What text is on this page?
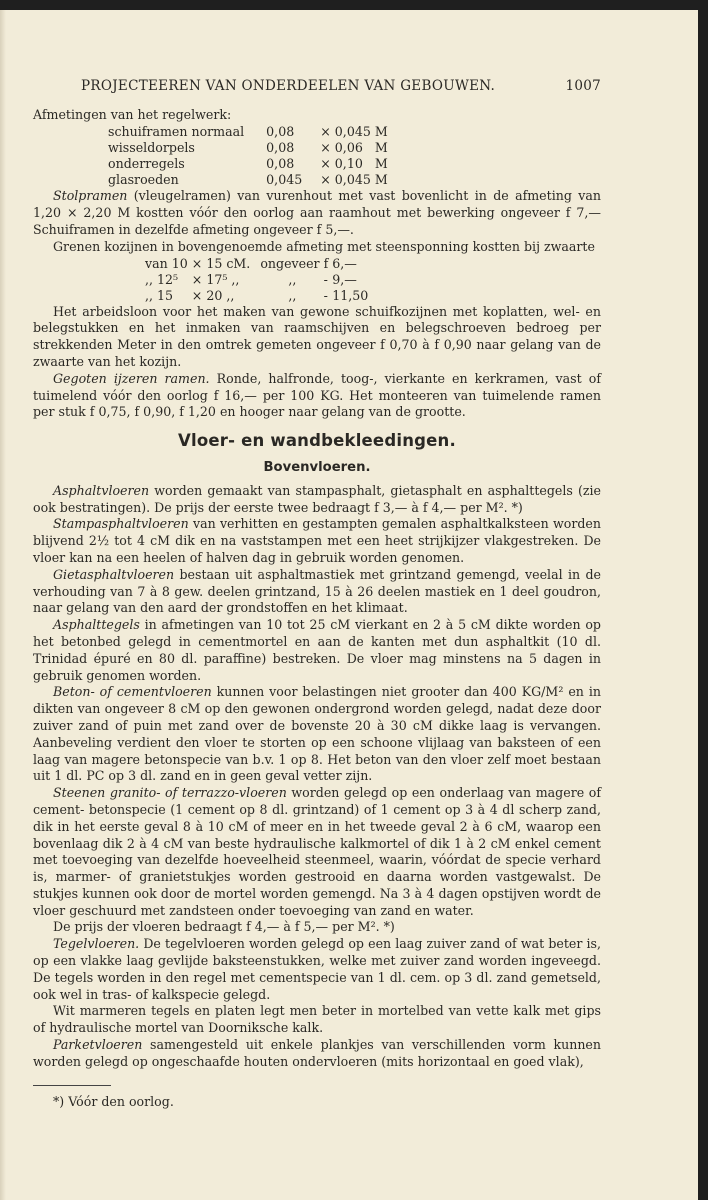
PROJECTEEREN VAN ONDERDEELEN VAN GEBOUWEN.	1007

Afmetingen van het regelwerk:

schuiframen normaal	0,08	×	0,045	M
wisseldorpels	0,08	×	0,06	M
onderregels	0,08	×	0,10	M
glasroeden	0,045	×	0,045	M

Stolpramen (vleugelramen) van vurenhout met vast bovenlicht in de afmeting van 1,20 × 2,20 M kostten vóór den oorlog aan raamhout met bewerking ongeveer f 7,— Schuiframen in dezelfde afmeting ongeveer f 5,—.

Grenen kozijnen in bovengenoemde afmeting met steensponning kostten bij zwaarte

van 10	×	15 cM.	ongeveer	f	6,—
,, 12⁵	×	17⁵ ,,	,,	-	9,—
,, 15	×	20 ,,	,,	-	11,50

Het arbeidsloon voor het maken van gewone schuifkozijnen met koplatten, wel- en belegstukken en het inmaken van raamschijven en belegschroeven bedroeg per strekkenden Meter in den omtrek gemeten ongeveer f 0,70 à f 0,90 naar gelang van de zwaarte van het kozijn.

Gegoten ijzeren ramen. Ronde, halfronde, toog-, vierkante en kerkramen, vast of tuimelend vóór den oorlog f 16,— per 100 KG. Het monteeren van tuimelende ramen per stuk f 0,75, f 0,90, f 1,20 en hooger naar gelang van de grootte.

Vloer- en wandbekleedingen.
Bovenvloeren.

Asphaltvloeren worden gemaakt van stampasphalt, gietasphalt en asphalttegels (zie ook bestratingen). De prijs der eerste twee bedraagt f 3,— à f 4,— per M². *)

Stampasphaltvloeren van verhitten en gestampten gemalen asphaltkalksteen worden blijvend 2½ tot 4 cM dik en na vaststampen met een heet strijkijzer vlakgestreken. De vloer kan na een heelen of halven dag in gebruik worden genomen.

Gietasphaltvloeren bestaan uit asphaltmastiek met grintzand gemengd, veelal in de verhouding van 7 à 8 gew. deelen grintzand, 15 à 26 deelen mastiek en 1 deel goudron, naar gelang van den aard der grondstoffen en het klimaat.

Asphalttegels in afmetingen van 10 tot 25 cM vierkant en 2 à 5 cM dikte worden op het betonbed gelegd in cementmortel en aan de kanten met dun asphaltkit (10 dl. Trinidad épuré en 80 dl. paraffine) bestreken. De vloer mag minstens na 5 dagen in gebruik genomen worden.

Beton- of cementvloeren kunnen voor belastingen niet grooter dan 400 KG/M² en in dikten van ongeveer 8 cM op den gewonen ondergrond worden gelegd, nadat deze door zuiver zand of puin met zand over de bovenste 20 à 30 cM dikke laag is vervangen. Aanbeveling verdient den vloer te storten op een schoone vlijlaag van baksteen of een laag van magere betonspecie van b.v. 1 op 8. Het beton van den vloer zelf moet bestaan uit 1 dl. PC op 3 dl. zand en in geen geval vetter zijn.

Steenen granito- of terrazzo-vloeren worden gelegd op een onderlaag van magere of cement- betonspecie (1 cement op 8 dl. grintzand) of 1 cement op 3 à 4 dl scherp zand, dik in het eerste geval 8 à 10 cM of meer en in het tweede geval 2 à 6 cM, waarop een bovenlaag dik 2 à 4 cM van beste hydraulische kalkmortel of dik 1 à 2 cM enkel cement met toevoeging van dezelfde hoeveelheid steenmeel, waarin, vóórdat de specie verhard is, marmer- of granietstukjes worden gestrooid en daarna worden vastgewalst. De stukjes kunnen ook door de mortel worden gemengd. Na 3 à 4 dagen opstijven wordt de vloer geschuurd met zandsteen onder toevoeging van zand en water.

De prijs der vloeren bedraagt f 4,— à f 5,— per M². *)

Tegelvloeren. De tegelvloeren worden gelegd op een laag zuiver zand of wat beter is, op een vlakke laag gevlijde baksteenstukken, welke met zuiver zand worden ingeveegd. De tegels worden in den regel met cementspecie van 1 dl. cem. op 3 dl. zand gemetseld, ook wel in tras- of kalkspecie gelegd.

Wit marmeren tegels en platen legt men beter in mortelbed van vette kalk met gips of hydraulische mortel van Doorniksche kalk.

Parketvloeren samengesteld uit enkele plankjes van verschillenden vorm kunnen worden gelegd op ongeschaafde houten ondervloeren (mits horizontaal en goed vlak),

*) Vóór den oorlog.
